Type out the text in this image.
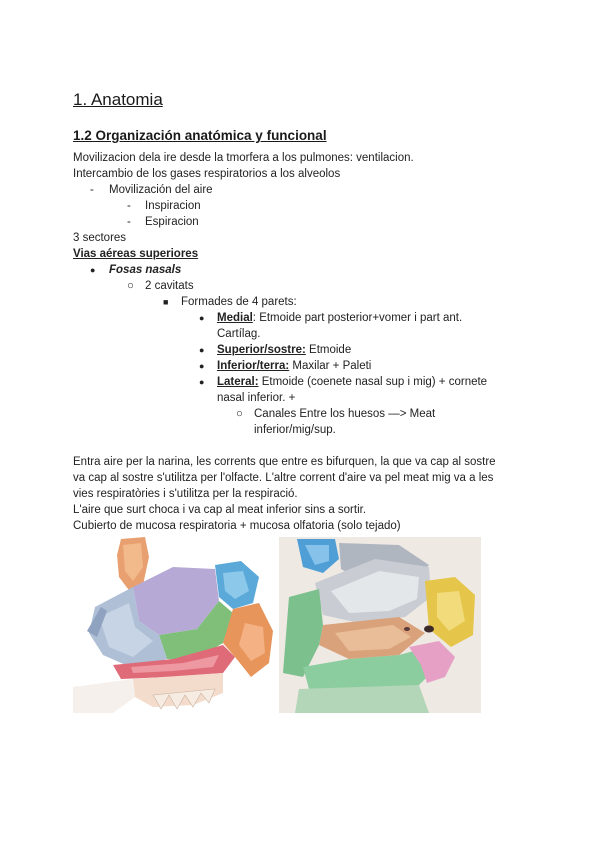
1. Anatomia
1.2 Organización anatómica y funcional
Movilizacion dela ire desde la tmorfera a los pulmones: ventilacion.
Intercambio de los gases respiratorios a los alveolos
- Movilización del aire
- Inspiracion
- Espiracion
3 sectores
Vias aéreas superiores
● Fosas nasals
○ 2 cavitats
■ Formades de 4 parets:
● Medial: Etmoide part posterior+vomer i part ant.
Cartílag.
● Superior/sostre: Etmoide
● Inferior/terra: Maxilar + Paleti
● Lateral: Etmoide (coenete nasal sup i mig) + cornete
nasal inferior. +
○ Canales Entre los huesos —> Meat
inferior/mig/sup.
Entra aire per la narina, les corrents que entre es bifurquen, la que va cap al sostre
va cap al sostre s'utilitza per l'olfacte. L'altre corrent d'aire va pel meat mig va a les
vies respiratòries i s'utilitza per la respiració.
L'aire que surt choca i va cap al meat inferior sins a sortir.
Cubierto de mucosa respiratoria + mucosa olfatoria (solo tejado)
